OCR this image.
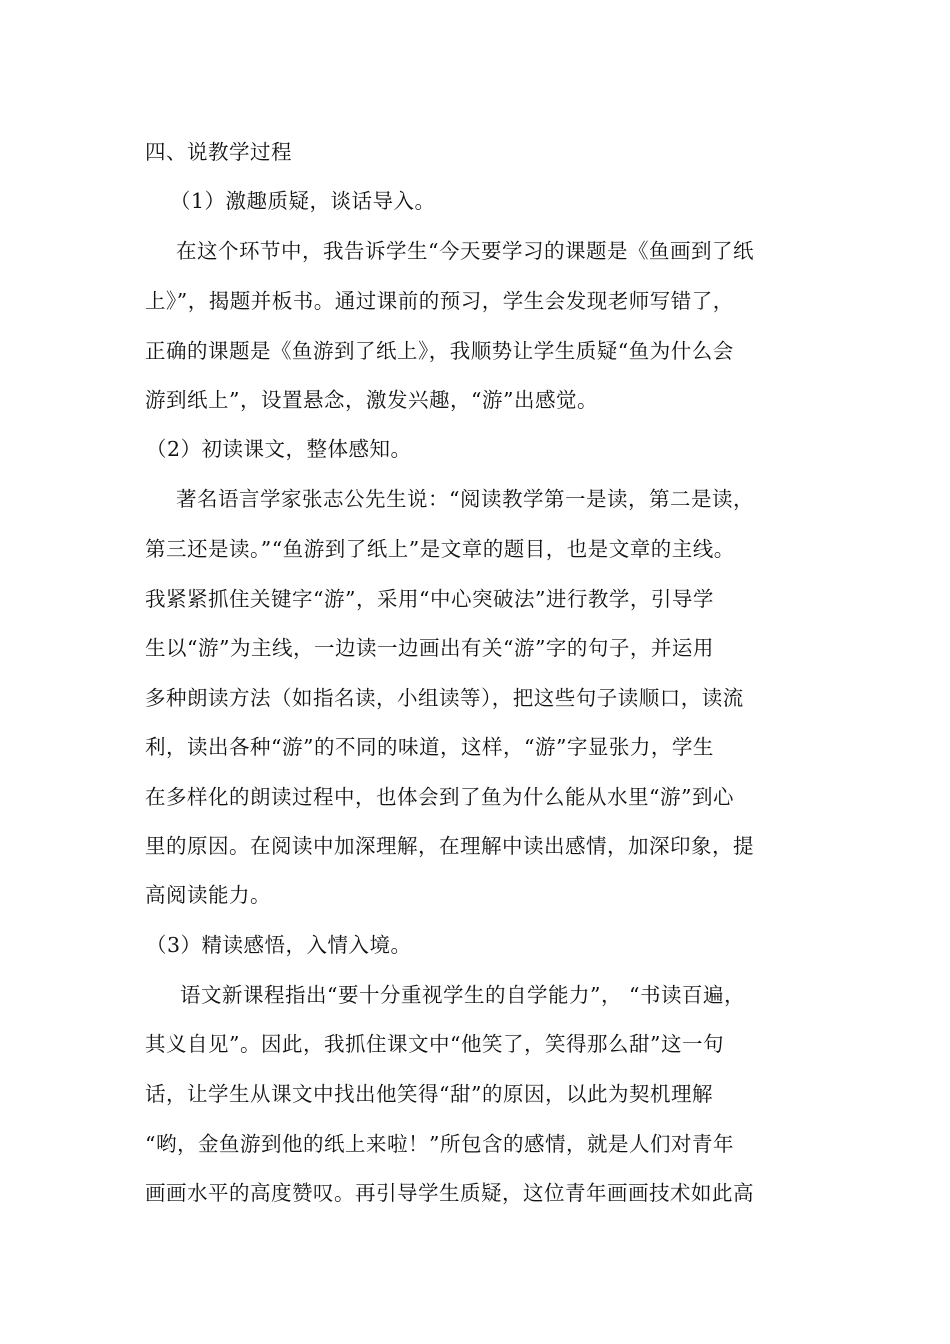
四、说教学过程
（1）激趣质疑，谈话导入。
在这个环节中，我告诉学生“今天要学习的课题是《鱼画到了纸
上》”，揭题并板书。通过课前的预习，学生会发现老师写错了，
正确的课题是《鱼游到了纸上》，我顺势让学生质疑“鱼为什么会
游到纸上”，设置悬念，激发兴趣，“游”出感觉。
（2）初读课文，整体感知。
著名语言学家张志公先生说：“阅读教学第一是读，第二是读，
第三还是读。”“鱼游到了纸上”是文章的题目，也是文章的主线。
我紧紧抓住关键字“游”，采用“中心突破法”进行教学，引导学
生以“游”为主线，一边读一边画出有关“游”字的句子，并运用
多种朗读方法（如指名读，小组读等），把这些句子读顺口，读流
利，读出各种“游”的不同的味道，这样，“游”字显张力，学生
在多样化的朗读过程中，也体会到了鱼为什么能从水里“游”到心
里的原因。在阅读中加深理解，在理解中读出感情，加深印象，提
高阅读能力。
（3）精读感悟，入情入境。
语文新课程指出“要十分重视学生的自学能力”， “书读百遍，
其义自见”。因此，我抓住课文中“他笑了，笑得那么甜”这一句
话，让学生从课文中找出他笑得“甜”的原因，以此为契机理解
“哟，金鱼游到他的纸上来啦！”所包含的感情，就是人们对青年
画画水平的高度赞叹。再引导学生质疑，这位青年画画技术如此高
